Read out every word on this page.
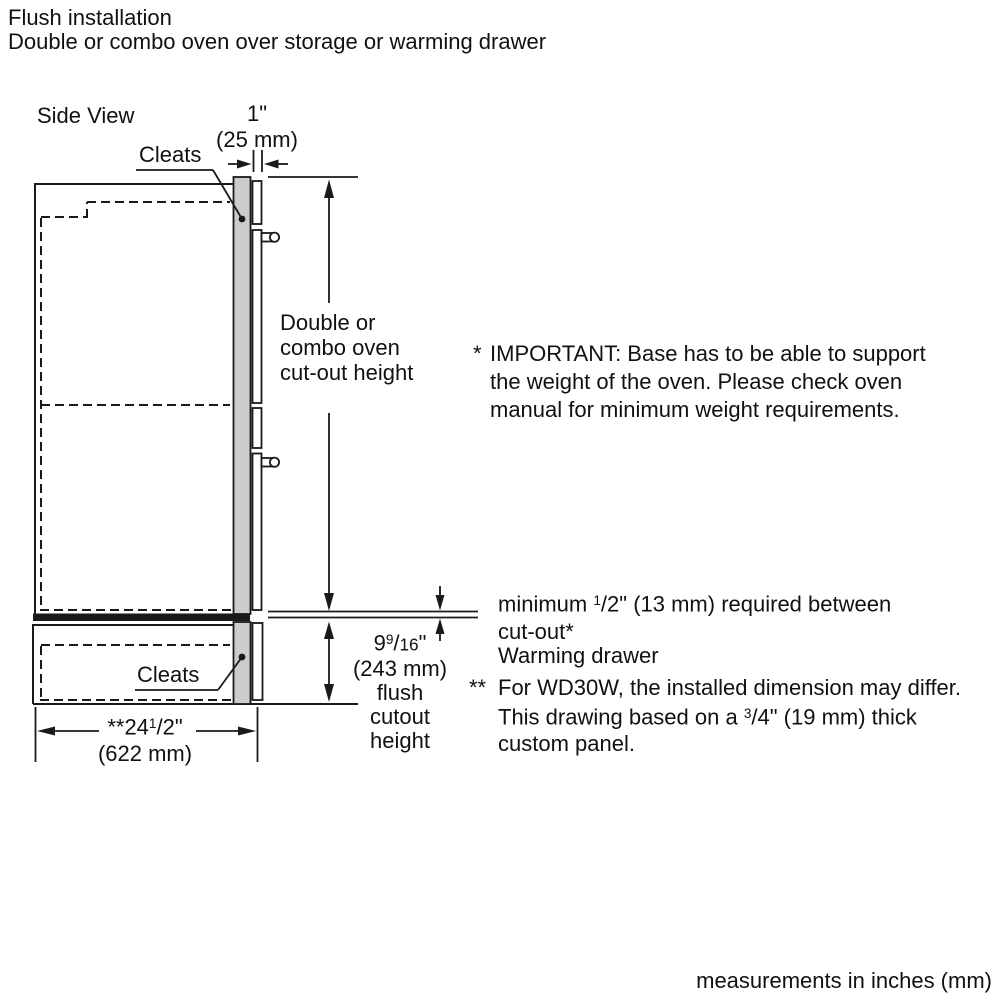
Flush installation
Double or combo oven over storage or warming drawer
Side View	1"
(25 mm)
Cleats
Double or
combo oven
cut-out height
* IMPORTANT: Base has to be able to support
the weight of the oven. Please check oven
manual for minimum weight requirements.
minimum $^1$/2" (13 mm) required between
cut-out*
Warming drawer
** For WD30W, the installed dimension may differ.
This drawing based on a $^3$/4" (19 mm) thick
custom panel.
$9^9/16$"
(243 mm)
flush
cutout
height
Cleats
$**24^1/2$"
(622 mm)
measurements in inches (mm)
